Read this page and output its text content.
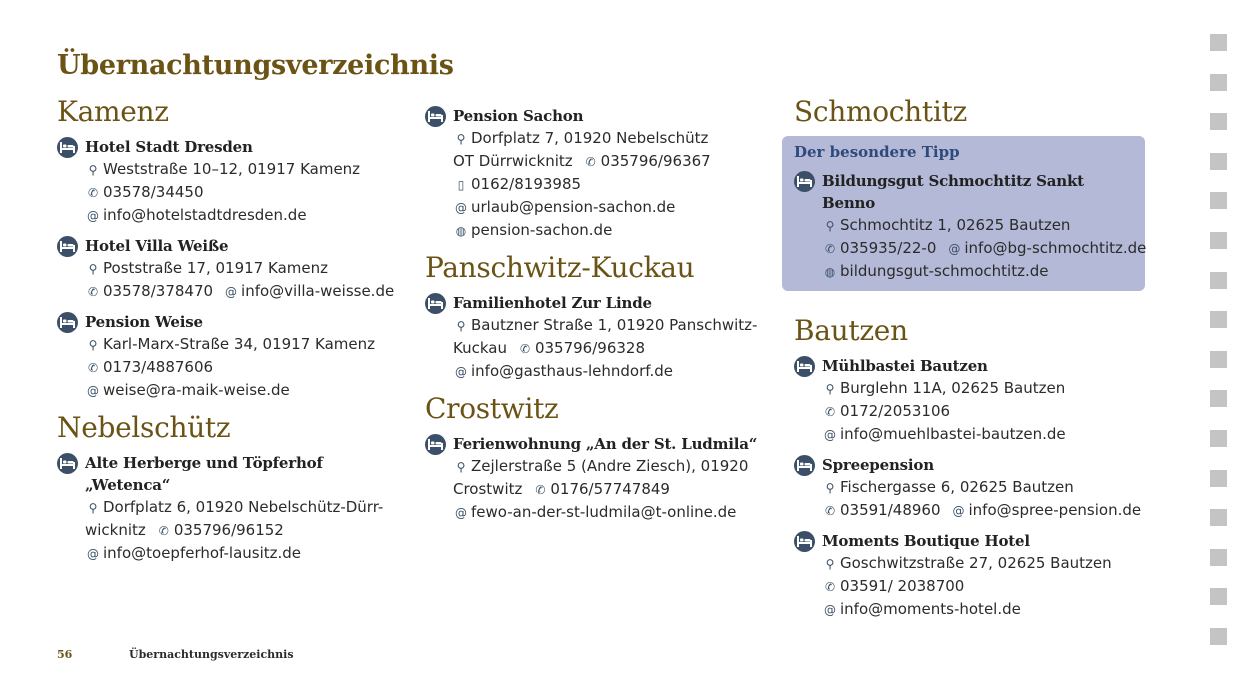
Übernachtungsverzeichnis
Kamenz
Hotel Stadt Dresden
⚲ Weststraße 10–12, 01917 Kamenz
✆ 03578/34450
@ info@hotelstadtdresden.de
Hotel Villa Weiße
⚲ Poststraße 17, 01917 Kamenz
✆ 03578/378470 @ info@villa-weisse.de
Pension Weise
⚲ Karl-Marx-Straße 34, 01917 Kamenz
✆ 0173/4887606
@ weise@ra-maik-weise.de
Nebelschütz
Alte Herberge und Töpferhof „Wetenca“
⚲ Dorfplatz 6, 01920 Nebelschütz-Dürr-
wicknitz ✆ 035796/96152
@ info@toepferhof-lausitz.de
Pension Sachon
⚲ Dorfplatz 7, 01920 Nebelschütz
OT Dürrwicknitz ✆ 035796/96367
▯ 0162/8193985
@ urlaub@pension-sachon.de
◍ pension-sachon.de
Panschwitz-Kuckau
Familienhotel Zur Linde
⚲ Bautzner Straße 1, 01920 Panschwitz-
Kuckau ✆ 035796/96328
@ info@gasthaus-lehndorf.de
Crostwitz
Ferienwohnung „An der St. Ludmila“
⚲ Zejlerstraße 5 (Andre Ziesch), 01920
Crostwitz ✆ 0176/57747849
@ fewo-an-der-st-ludmila@t-online.de
Schmochtitz
Der besondere Tipp
Bildungsgut Schmochtitz Sankt Benno
⚲ Schmochtitz 1, 02625 Bautzen
✆ 035935/22-0 @ info@bg-schmochtitz.de
◍ bildungsgut-schmochtitz.de
Bautzen
Mühlbastei Bautzen
⚲ Burglehn 11A, 02625 Bautzen
✆ 0172/2053106
@ info@muehlbastei-bautzen.de
Spreepension
⚲ Fischergasse 6, 02625 Bautzen
✆ 03591/48960 @ info@spree-pension.de
Moments Boutique Hotel
⚲ Goschwitzstraße 27, 02625 Bautzen
✆ 03591/ 2038700
@ info@moments-hotel.de
56	Übernachtungsverzeichnis
